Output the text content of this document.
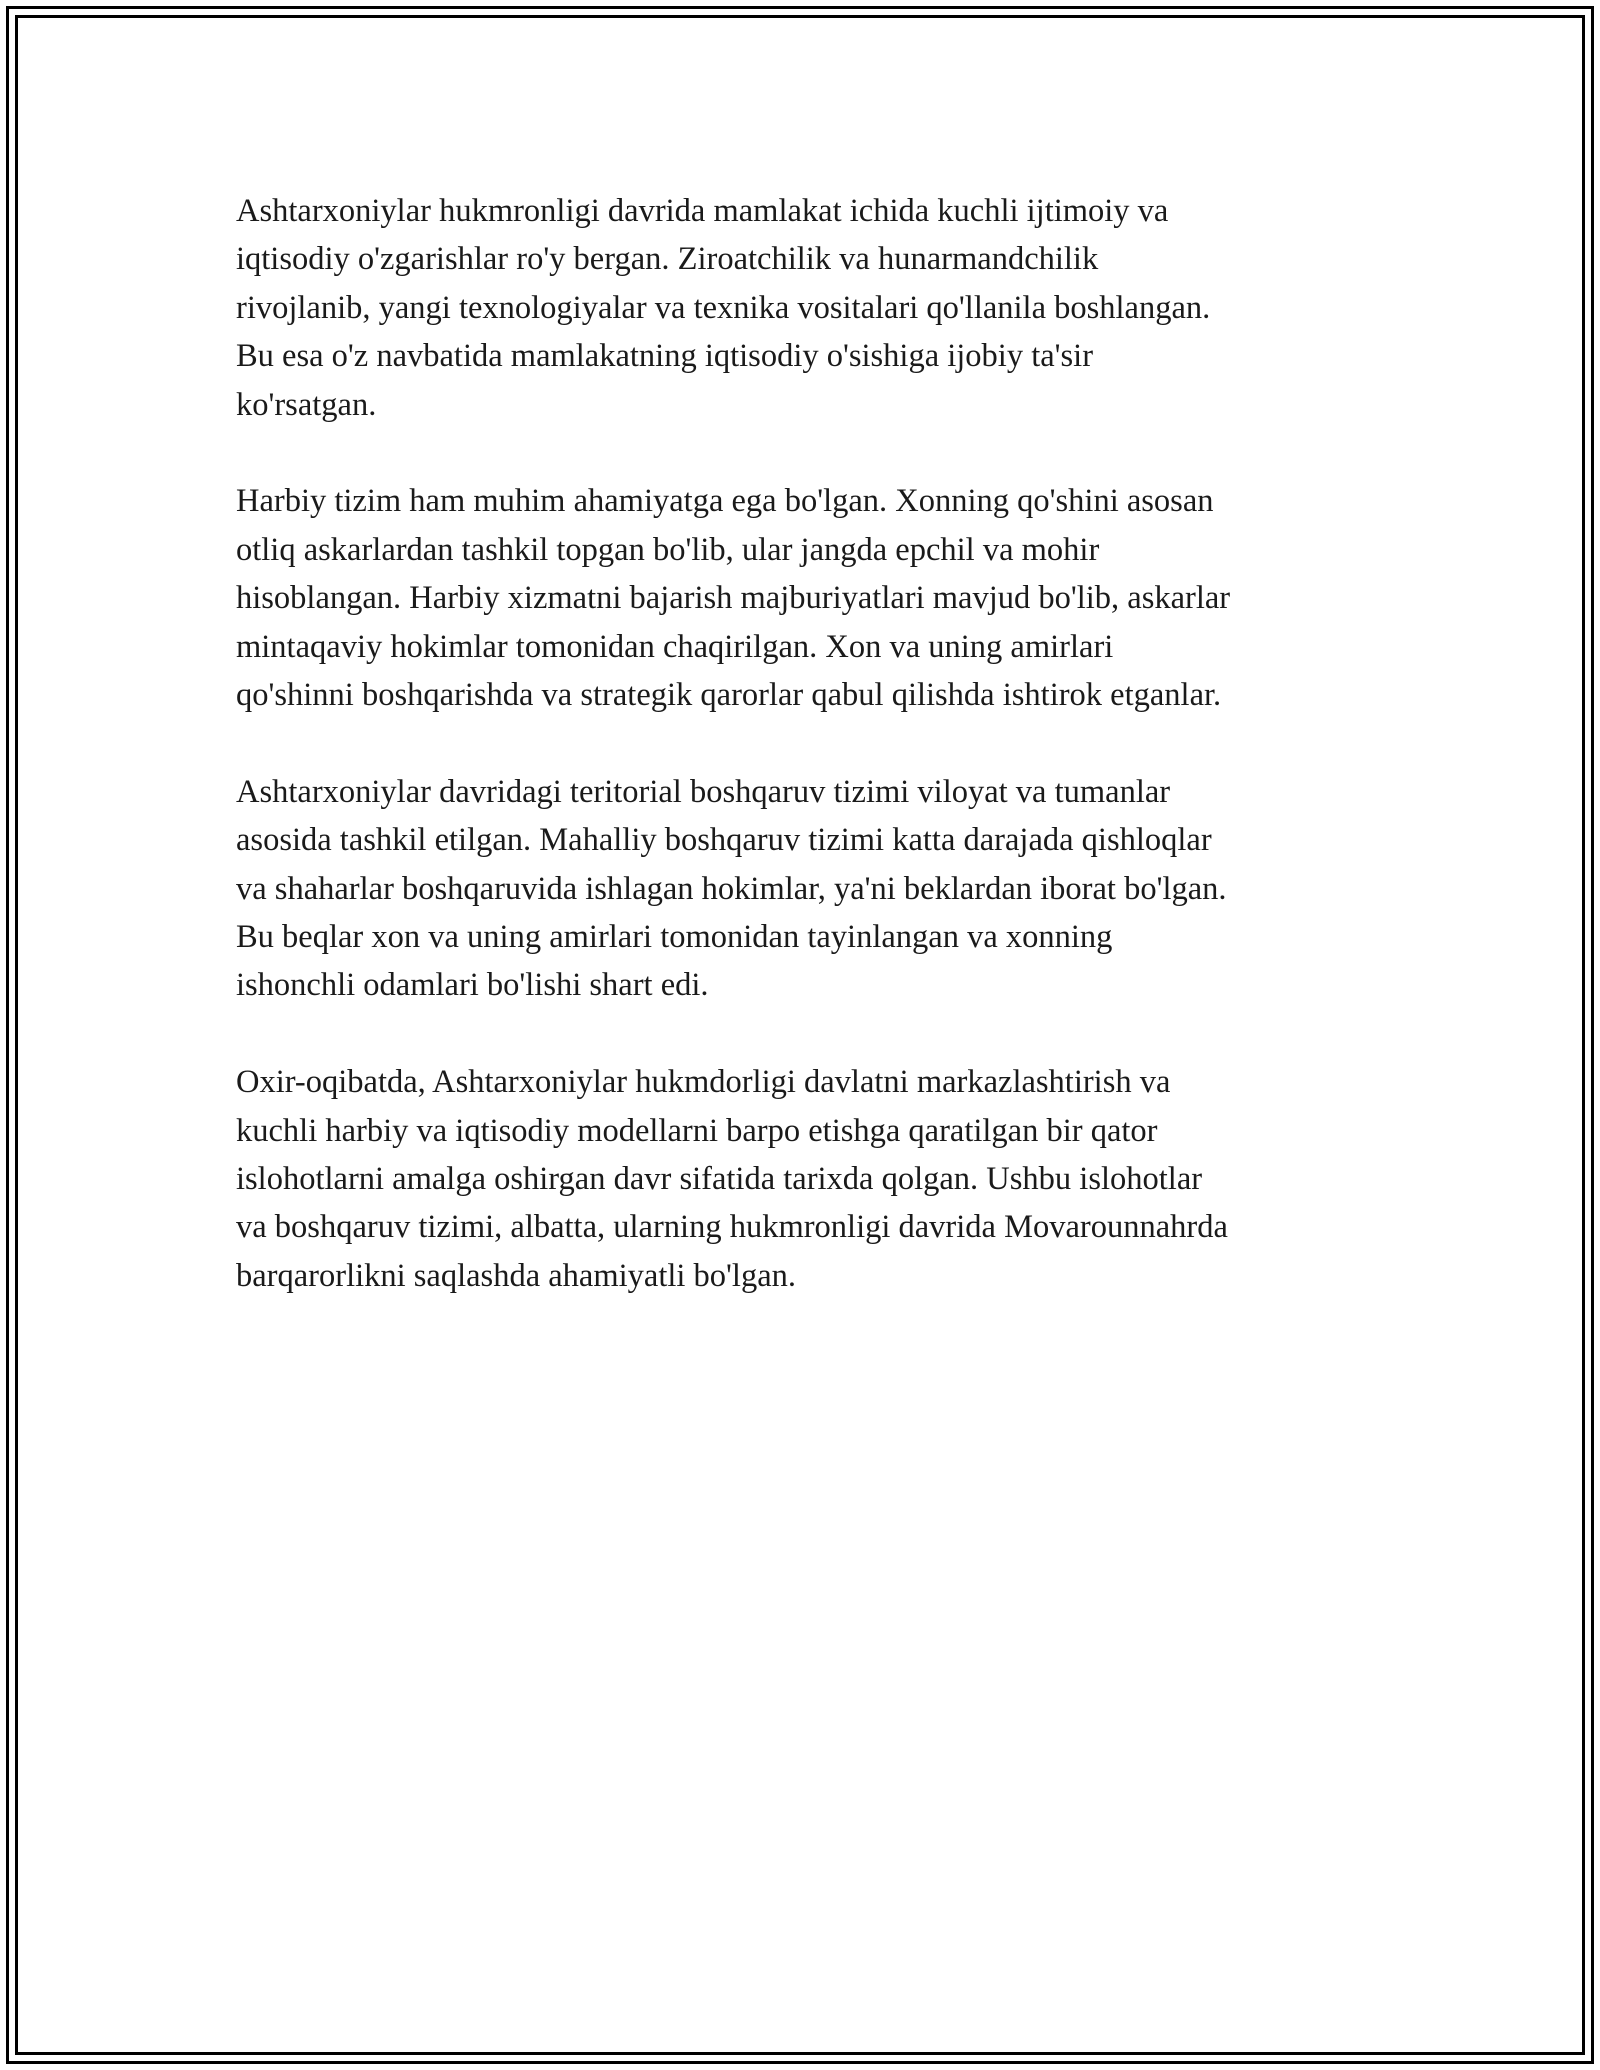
Ashtarxoniylar hukmronligi davrida mamlakat ichida kuchli ijtimoiy va
iqtisodiy o'zgarishlar ro'y bergan. Ziroatchilik va hunarmandchilik
rivojlanib, yangi texnologiyalar va texnika vositalari qo'llanila boshlangan.
Bu esa o'z navbatida mamlakatning iqtisodiy o'sishiga ijobiy ta'sir
ko'rsatgan.

Harbiy tizim ham muhim ahamiyatga ega bo'lgan. Xonning qo'shini asosan
otliq askarlardan tashkil topgan bo'lib, ular jangda epchil va mohir
hisoblangan. Harbiy xizmatni bajarish majburiyatlari mavjud bo'lib, askarlar
mintaqaviy hokimlar tomonidan chaqirilgan. Xon va uning amirlari
qo'shinni boshqarishda va strategik qarorlar qabul qilishda ishtirok etganlar.

Ashtarxoniylar davridagi teritorial boshqaruv tizimi viloyat va tumanlar
asosida tashkil etilgan. Mahalliy boshqaruv tizimi katta darajada qishloqlar
va shaharlar boshqaruvida ishlagan hokimlar, ya'ni beklardan iborat bo'lgan.
Bu beqlar xon va uning amirlari tomonidan tayinlangan va xonning
ishonchli odamlari bo'lishi shart edi.

Oxir-oqibatda, Ashtarxoniylar hukmdorligi davlatni markazlashtirish va
kuchli harbiy va iqtisodiy modellarni barpo etishga qaratilgan bir qator
islohotlarni amalga oshirgan davr sifatida tarixda qolgan. Ushbu islohotlar
va boshqaruv tizimi, albatta, ularning hukmronligi davrida Movarounnahrda
barqarorlikni saqlashda ahamiyatli bo'lgan.
